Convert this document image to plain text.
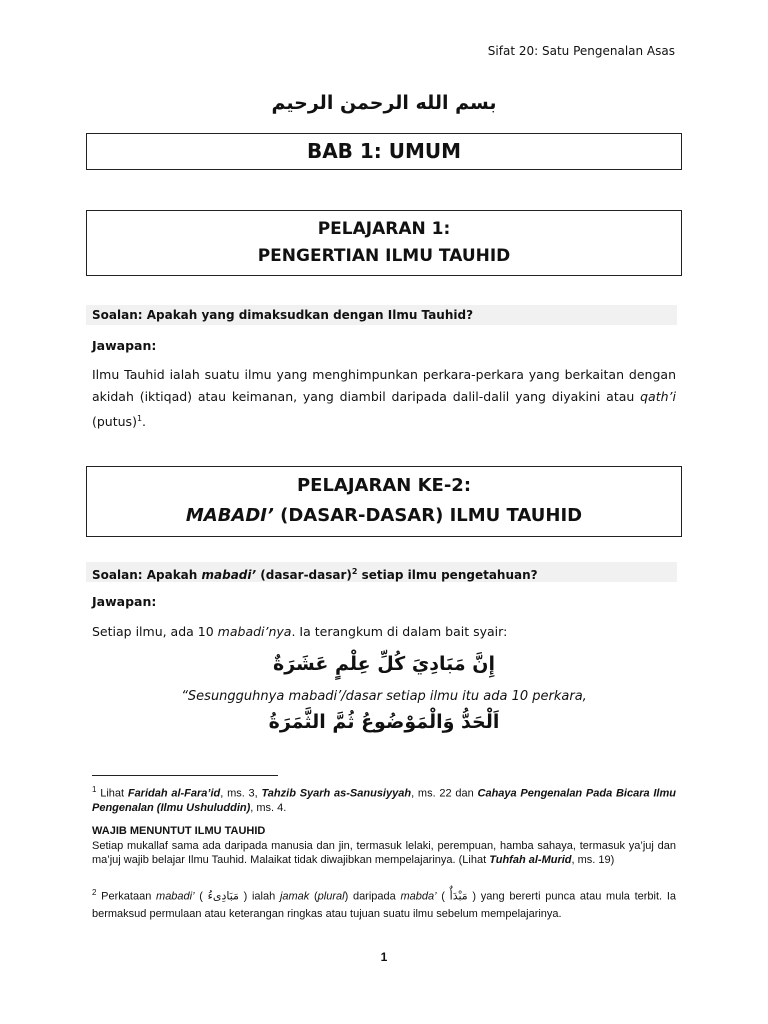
Sifat 20: Satu Pengenalan Asas
بسم الله الرحمن الرحيم
BAB 1: UMUM
PELAJARAN 1:
PENGERTIAN ILMU TAUHID
Soalan: Apakah yang dimaksudkan dengan Ilmu Tauhid?
Jawapan:
Ilmu Tauhid ialah suatu ilmu yang menghimpunkan perkara-perkara yang berkaitan dengan akidah (iktiqad) atau keimanan, yang diambil daripada dalil-dalil yang diyakini atau qath’i (putus)$^1$.
PELAJARAN KE-2:
MABADI’ (DASAR-DASAR) ILMU TAUHID
Soalan: Apakah mabadi’ (dasar-dasar)$^2$ setiap ilmu pengetahuan?
Jawapan:
Setiap ilmu, ada 10 mabadi’nya. Ia terangkum di dalam bait syair:
إِنَّ مَبَادِيَ كُلِّ عِلْمٍ عَشَرَةٌ
“Sesungguhnya mabadi’/dasar setiap ilmu itu ada 10 perkara,
اَلْحَدُّ وَالْمَوْضُوعُ ثُمَّ الثَّمَرَةُ
$^1$ Lihat Faridah al-Fara’id, ms. 3, Tahzib Syarh as-Sanusiyyah, ms. 22 dan Cahaya Pengenalan Pada Bicara Ilmu Pengenalan (Ilmu Ushuluddin), ms. 4.
WAJIB MENUNTUT ILMU TAUHID
Setiap mukallaf sama ada daripada manusia dan jin, termasuk lelaki, perempuan, hamba sahaya, termasuk ya’juj dan ma’juj wajib belajar Ilmu Tauhid. Malaikat tidak diwajibkan mempelajarinya. (Lihat Tuhfah al-Murid, ms. 19)
$^2$ Perkataan mabadi’ ( مَبَادِىءُ ) ialah jamak (plural) daripada mabda’ ( مَبْدَأٌ ) yang bererti punca atau mula terbit. Ia bermaksud permulaan atau keterangan ringkas atau tujuan suatu ilmu sebelum mempelajarinya.
1
